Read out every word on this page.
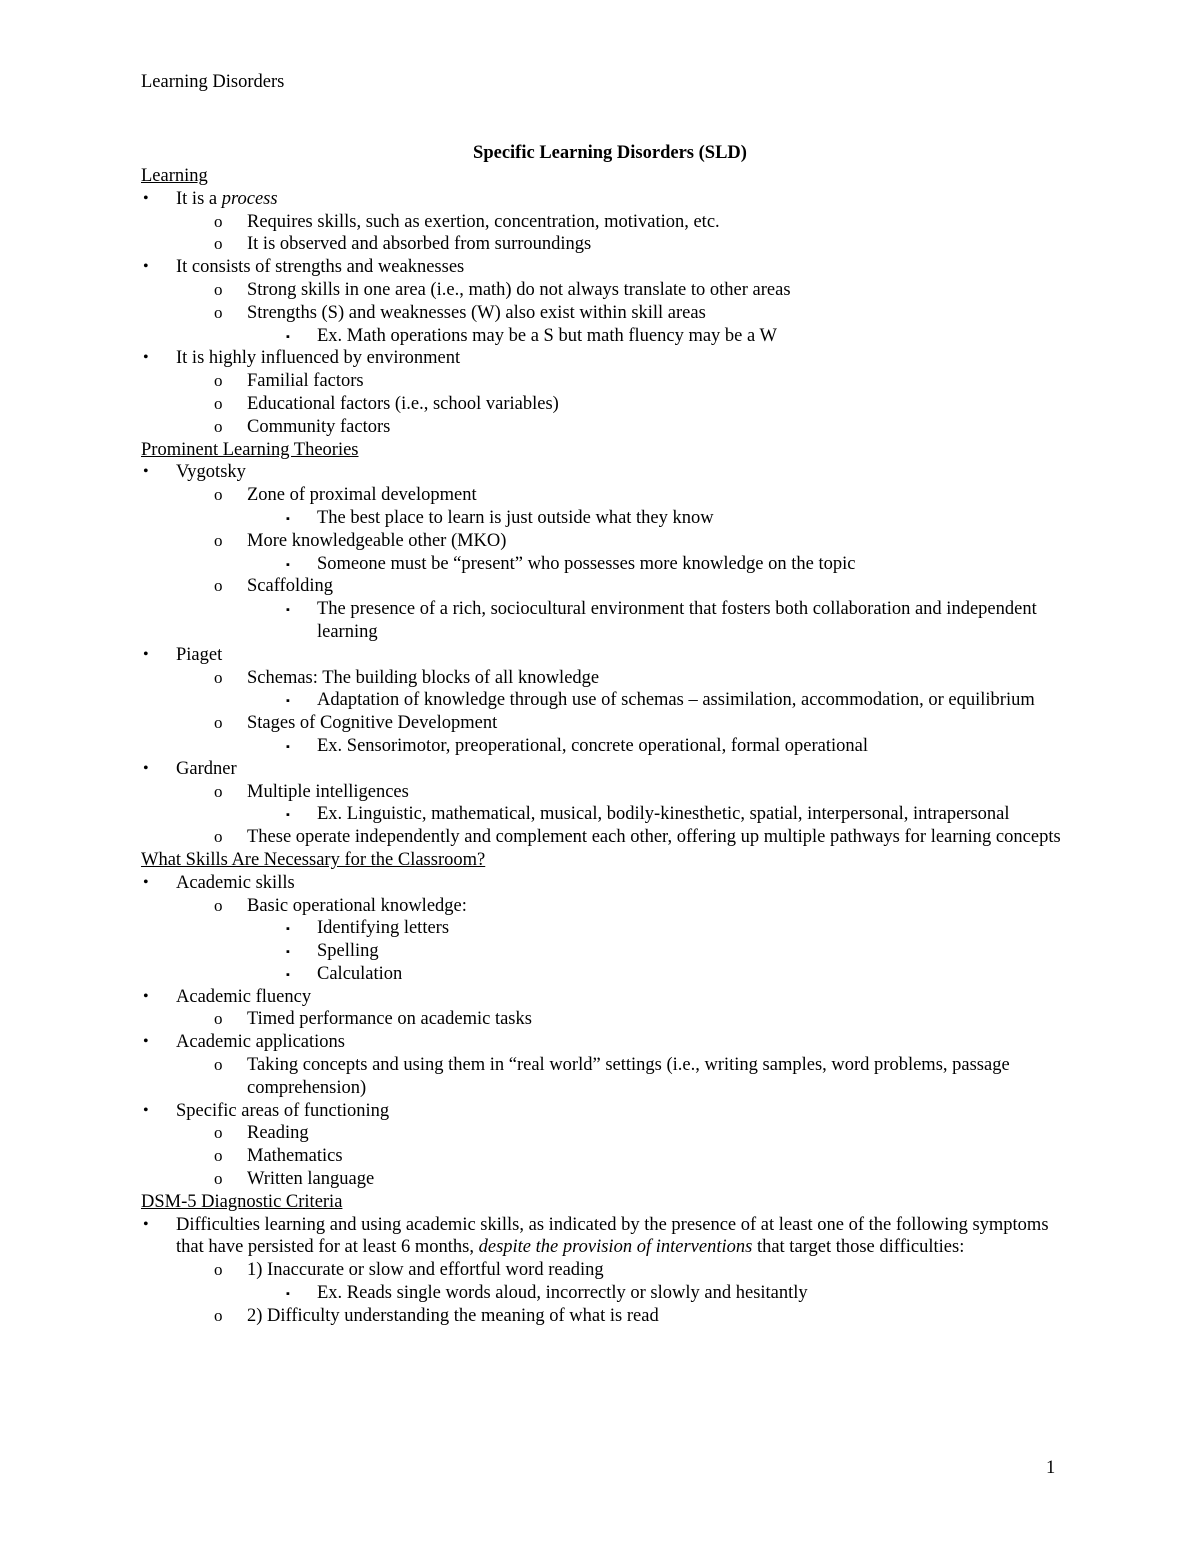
Learning Disorders
Specific Learning Disorders (SLD)
Learning
• It is a process
o Requires skills, such as exertion, concentration, motivation, etc.
o It is observed and absorbed from surroundings
• It consists of strengths and weaknesses
o Strong skills in one area (i.e., math) do not always translate to other areas
o Strengths (S) and weaknesses (W) also exist within skill areas
▪ Ex. Math operations may be a S but math fluency may be a W
• It is highly influenced by environment
o Familial factors
o Educational factors (i.e., school variables)
o Community factors
Prominent Learning Theories
• Vygotsky
o Zone of proximal development
▪ The best place to learn is just outside what they know
o More knowledgeable other (MKO)
▪ Someone must be “present” who possesses more knowledge on the topic
o Scaffolding
▪ The presence of a rich, sociocultural environment that fosters both collaboration and independent learning
• Piaget
o Schemas: The building blocks of all knowledge
▪ Adaptation of knowledge through use of schemas – assimilation, accommodation, or equilibrium
o Stages of Cognitive Development
▪ Ex. Sensorimotor, preoperational, concrete operational, formal operational
• Gardner
o Multiple intelligences
▪ Ex. Linguistic, mathematical, musical, bodily-kinesthetic, spatial, interpersonal, intrapersonal
o These operate independently and complement each other, offering up multiple pathways for learning concepts
What Skills Are Necessary for the Classroom?
• Academic skills
o Basic operational knowledge:
▪ Identifying letters
▪ Spelling
▪ Calculation
• Academic fluency
o Timed performance on academic tasks
• Academic applications
o Taking concepts and using them in “real world” settings (i.e., writing samples, word problems, passage comprehension)
• Specific areas of functioning
o Reading
o Mathematics
o Written language
DSM-5 Diagnostic Criteria
• Difficulties learning and using academic skills, as indicated by the presence of at least one of the following symptoms that have persisted for at least 6 months, despite the provision of interventions that target those difficulties:
o 1) Inaccurate or slow and effortful word reading
▪ Ex. Reads single words aloud, incorrectly or slowly and hesitantly
o 2) Difficulty understanding the meaning of what is read
1
